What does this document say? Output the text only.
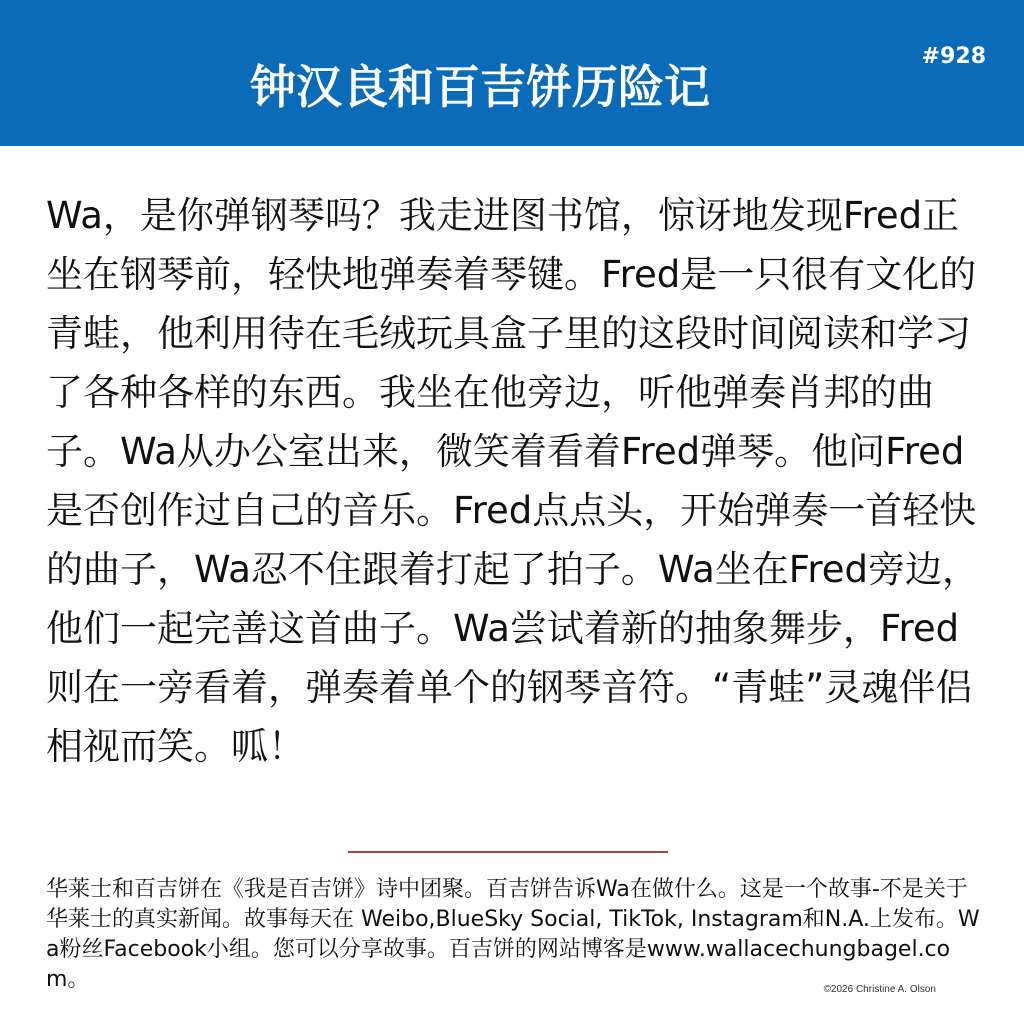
钟汉良和百吉饼历险记
#928

Wa，是你弹钢琴吗？我走进图书馆，惊讶地发现Fred正坐在钢琴前，轻快地弹奏着琴键。Fred是一只很有文化的青蛙，他利用待在毛绒玩具盒子里的这段时间阅读和学习了各种各样的东西。我坐在他旁边，听他弹奏肖邦的曲子。Wa从办公室出来，微笑着看着Fred弹琴。他问Fred是否创作过自己的音乐。Fred点点头，开始弹奏一首轻快的曲子，Wa忍不住跟着打起了拍子。Wa坐在Fred旁边，他们一起完善这首曲子。Wa尝试着新的抽象舞步，Fred则在一旁看着，弹奏着单个的钢琴音符。“青蛙”灵魂伴侣相视而笑。呱！

华莱士和百吉饼在《我是百吉饼》诗中团聚。百吉饼告诉Wa在做什么。这是一个故事-不是关于华莱士的真实新闻。故事每天在 Weibo,BlueSky Social, TikTok, Instagram和N.A.上发布。Wa粉丝Facebook小组。您可以分享故事。百吉饼的网站博客是www.wallacechungbagel.com。	©2026 Christine A. Olson
